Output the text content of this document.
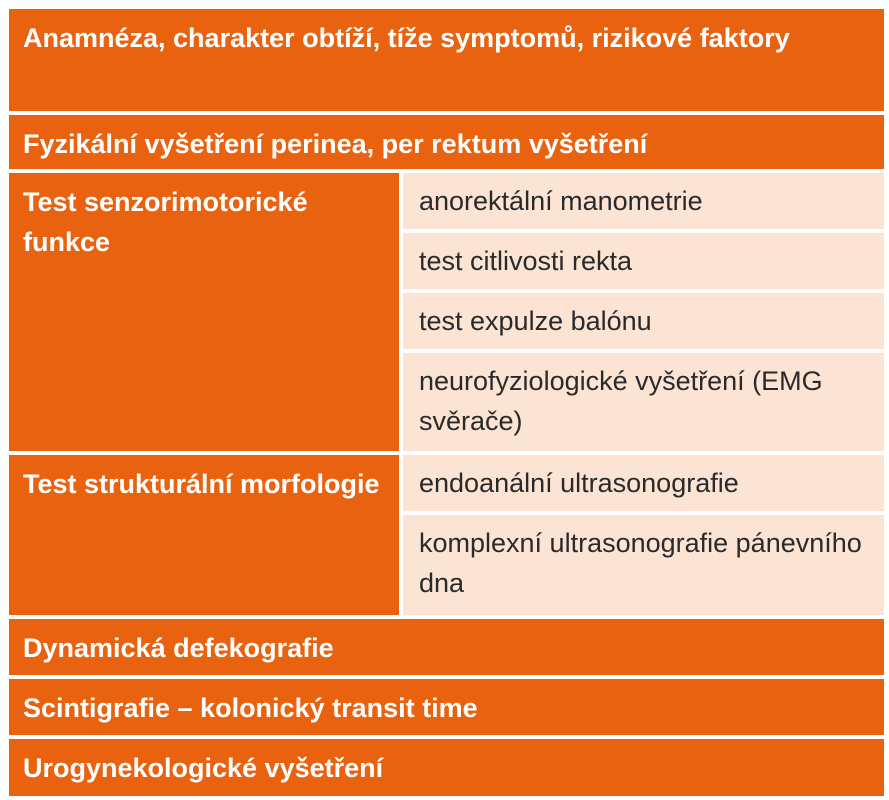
Anamnéza, charakter obtíží, tíže symptomů, rizikové faktory	
Fyzikální vyšetření perinea, per rektum vyšetření	
Test senzorimotorické funkce	anorektální manometrie
	test citlivosti rekta
	test expulze balónu
	neurofyziologické vyšetření (EMG svěrače)
Test strukturální morfologie	endoanální ultrasonografie
	komplexní ultrasonografie pánevního dna
Dynamická defekografie	
Scintigrafie – kolonický transit time	
Urogynekologické vyšetření	
